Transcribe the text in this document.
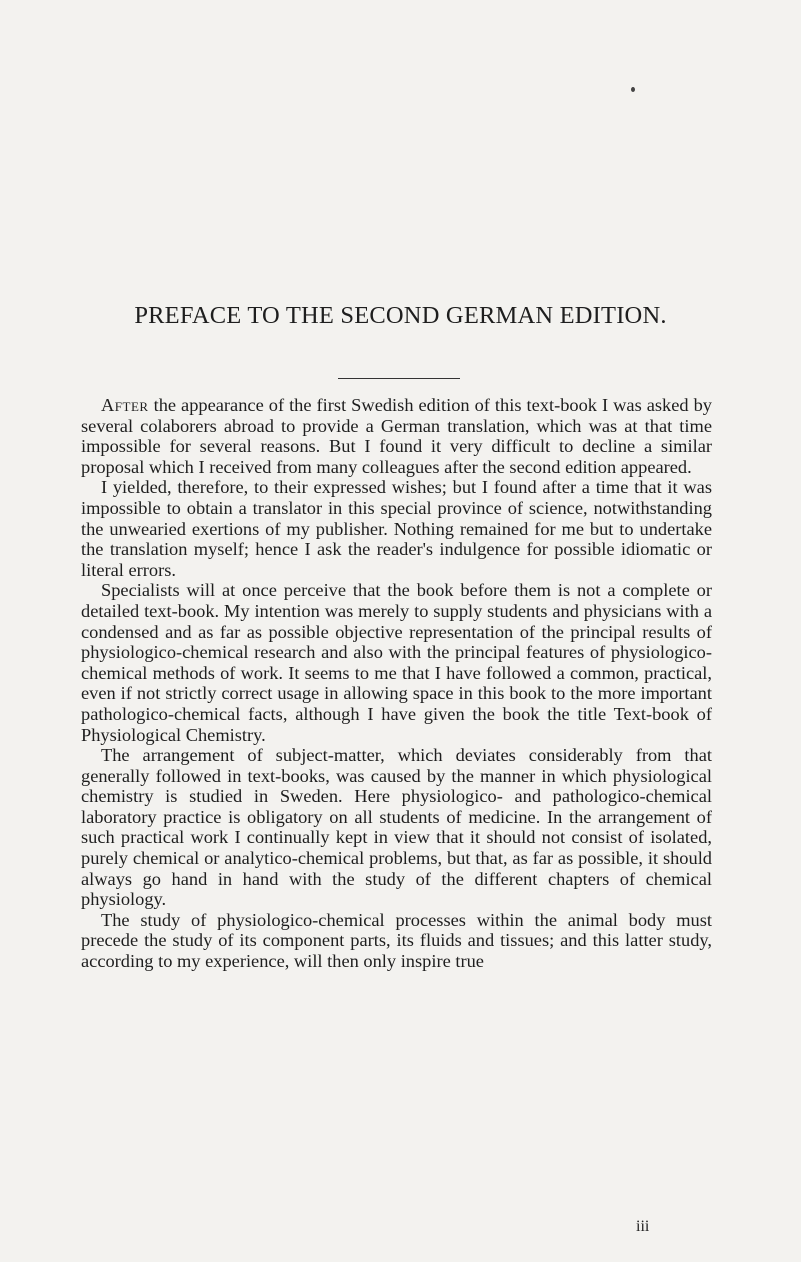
PREFACE TO THE SECOND GERMAN EDITION.

After the appearance of the first Swedish edition of this text-book I was asked by several colaborers abroad to provide a German translation, which was at that time impossible for several reasons. But I found it very difficult to decline a similar proposal which I received from many colleagues after the second edition appeared.

I yielded, therefore, to their expressed wishes; but I found after a time that it was impossible to obtain a translator in this special province of science, notwithstanding the unwearied exertions of my publisher. Nothing remained for me but to undertake the translation myself; hence I ask the reader's indulgence for possible idiomatic or literal errors.

Specialists will at once perceive that the book before them is not a complete or detailed text-book. My intention was merely to supply students and physicians with a condensed and as far as possible objective representation of the principal results of physiologico-chemical research and also with the principal features of physiologico-chemical methods of work. It seems to me that I have followed a common, practical, even if not strictly correct usage in allowing space in this book to the more important pathologico-chemical facts, although I have given the book the title Text-book of Physiological Chemistry.

The arrangement of subject-matter, which deviates considerably from that generally followed in text-books, was caused by the manner in which physiological chemistry is studied in Sweden. Here physiologico- and pathologico-chemical laboratory practice is obligatory on all students of medicine. In the arrangement of such practical work I continually kept in view that it should not consist of isolated, purely chemical or analytico-chemical problems, but that, as far as possible, it should always go hand in hand with the study of the different chapters of chemical physiology.

The study of physiologico-chemical processes within the animal body must precede the study of its component parts, its fluids and tissues; and this latter study, according to my experience, will then only inspire true

iii
